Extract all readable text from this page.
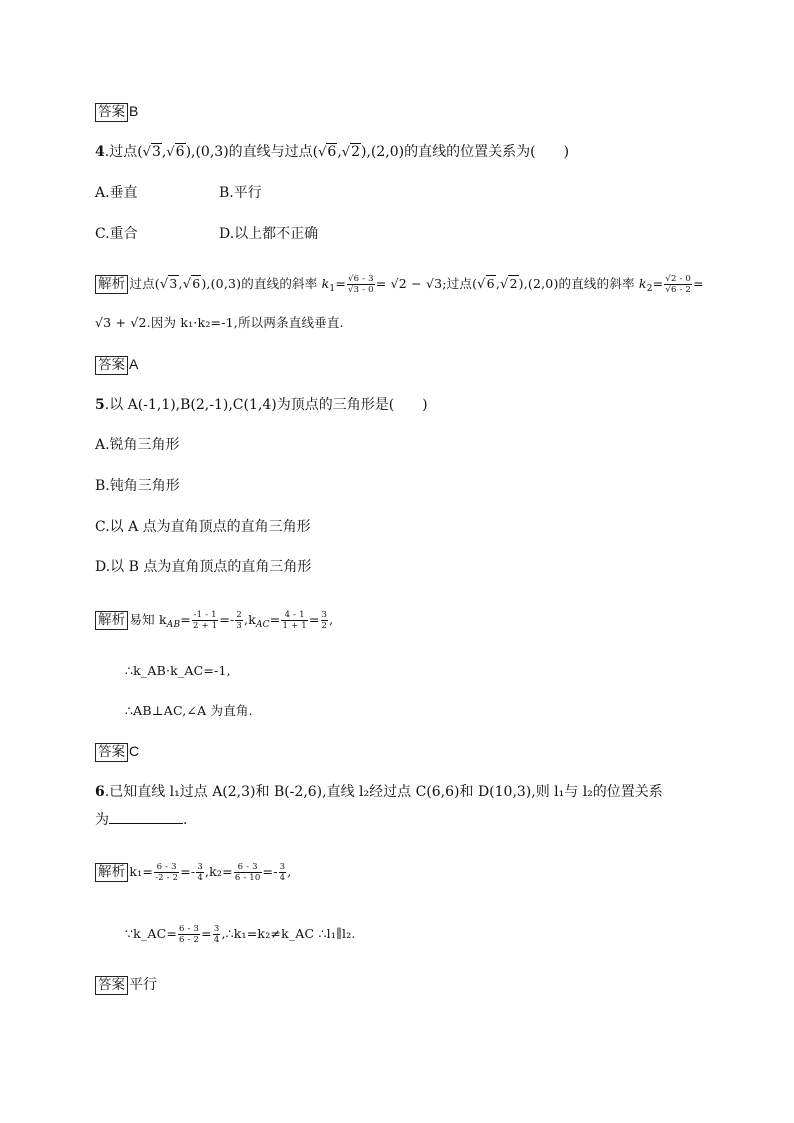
答案 B
4.过点(√3,√6),(0,3)的直线与过点(√6,√2),(2,0)的直线的位置关系为(　　)
A.垂直	B.平行
C.重合	D.以上都不正确
解析 过点(√3,√6),(0,3)的直线的斜率 $k_1= \frac{√6 - 3}{√3 - 0} = √2 - √3$;过点(√6,√2),(2,0)的直线的斜率 $k_2= \frac{√2 - 0}{√6 - 2}$ =
√3 + √2.因为 k₁·k₂=-1,所以两条直线垂直.
答案 A
5.以 A(-1,1),B(2,-1),C(1,4)为顶点的三角形是(　　)
A.锐角三角形
B.钝角三角形
C.以 A 点为直角顶点的直角三角形
D.以 B 点为直角顶点的直角三角形
解析 易知 $k_{AB}= \frac{-1 - 1}{2 + 1} =- \frac{2}{3} ,k_{AC}= \frac{4 - 1}{1 + 1} = \frac{3}{2}$ ,
∴k_AB·k_AC=-1,
∴AB⊥AC,∠A 为直角.
答案 C
6.已知直线 l₁过点 A(2,3)和 B(-2,6),直线 l₂经过点 C(6,6)和 D(10,3),则 l₁与 l₂的位置关系
为	.
解析 $k_1= \frac{6 - 3}{-2 - 2} =- \frac{3}{4} ,k_2= \frac{6 - 3}{6 - 10} =- \frac{3}{4}$ ,
∵k_AC= $\frac{6 - 3}{6 - 2} = \frac{3}{4}$ ,∴k₁=k₂≠k_AC ∴l₁∥l₂.
答案 平行
